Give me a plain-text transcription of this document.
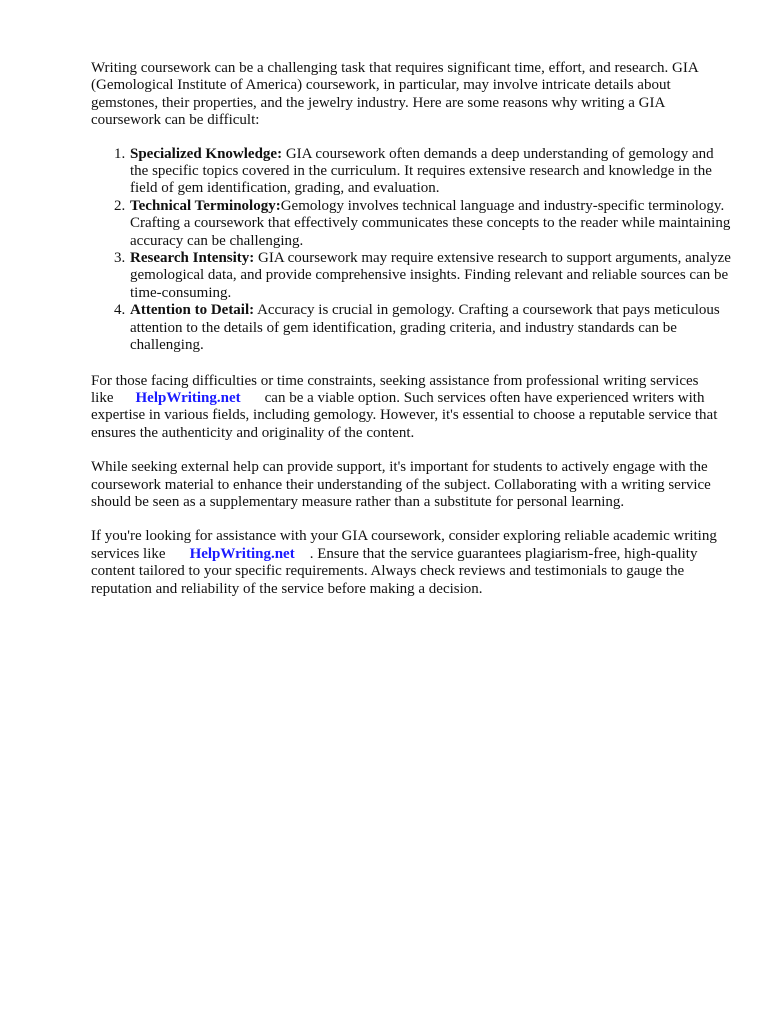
Writing coursework can be a challenging task that requires significant time, effort, and research. GIA (Gemological Institute of America) coursework, in particular, may involve intricate details about gemstones, their properties, and the jewelry industry. Here are some reasons why writing a GIA coursework can be difficult:

1. Specialized Knowledge: GIA coursework often demands a deep understanding of gemology and the specific topics covered in the curriculum. It requires extensive research and knowledge in the field of gem identification, grading, and evaluation.
2. Technical Terminology:Gemology involves technical language and industry-specific terminology. Crafting a coursework that effectively communicates these concepts to the reader while maintaining accuracy can be challenging.
3. Research Intensity: GIA coursework may require extensive research to support arguments, analyze gemological data, and provide comprehensive insights. Finding relevant and reliable sources can be time-consuming.
4. Attention to Detail: Accuracy is crucial in gemology. Crafting a coursework that pays meticulous attention to the details of gem identification, grading criteria, and industry standards can be challenging.

For those facing difficulties or time constraints, seeking assistance from professional writing services like HelpWriting.net can be a viable option. Such services often have experienced writers with expertise in various fields, including gemology. However, it's essential to choose a reputable service that ensures the authenticity and originality of the content.

While seeking external help can provide support, it's important for students to actively engage with the coursework material to enhance their understanding of the subject. Collaborating with a writing service should be seen as a supplementary measure rather than a substitute for personal learning.

If you're looking for assistance with your GIA coursework, consider exploring reliable academic writing services like HelpWriting.net . Ensure that the service guarantees plagiarism-free, high-quality content tailored to your specific requirements. Always check reviews and testimonials to gauge the reputation and reliability of the service before making a decision.
